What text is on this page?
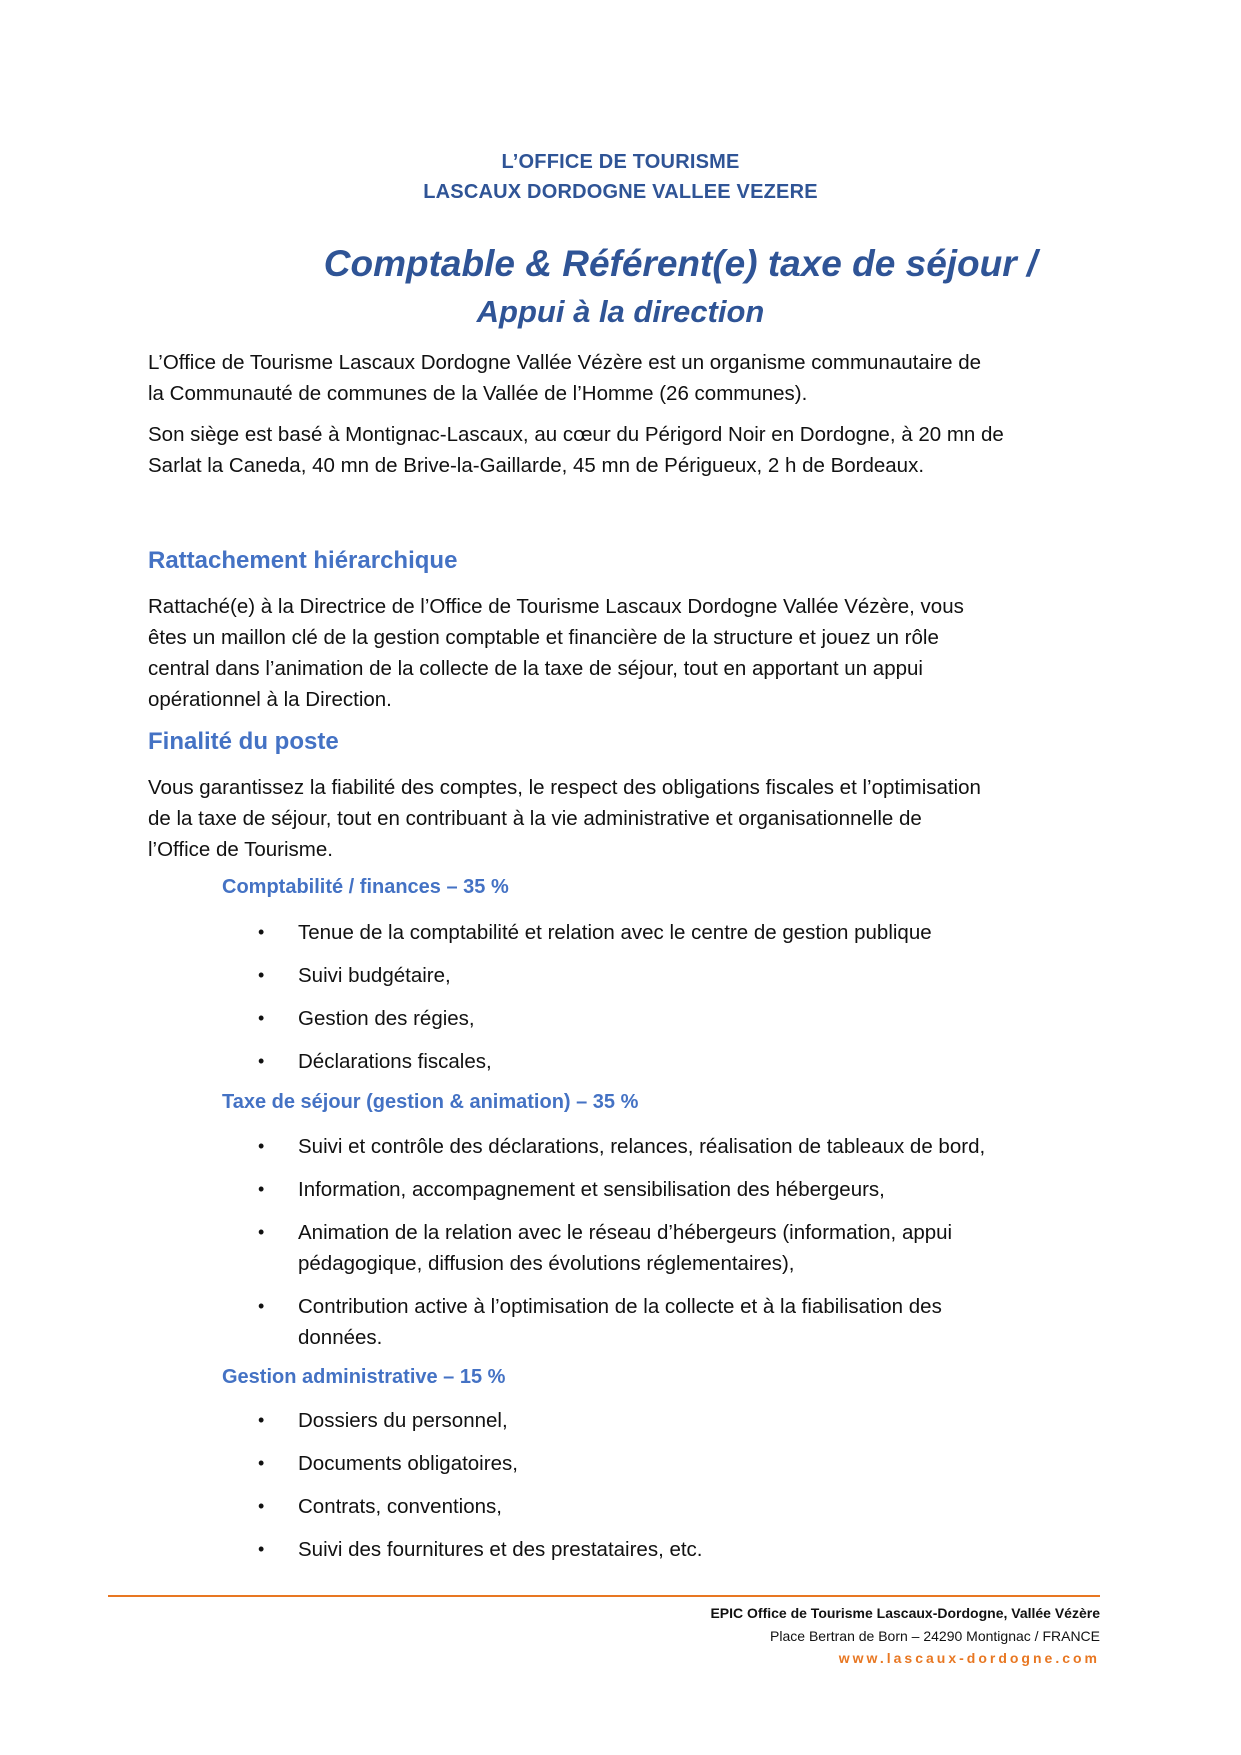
L’OFFICE DE TOURISME
LASCAUX DORDOGNE VALLEE VEZERE
Comptable & Référent(e) taxe de séjour /
Appui à la direction
L’Office de Tourisme Lascaux Dordogne Vallée Vézère est un organisme communautaire de
la Communauté de communes de la Vallée de l’Homme (26 communes).
Son siège est basé à Montignac-Lascaux, au cœur du Périgord Noir en Dordogne, à 20 mn de
Sarlat la Caneda, 40 mn de Brive-la-Gaillarde, 45 mn de Périgueux, 2 h de Bordeaux.
Rattachement hiérarchique
Rattaché(e) à la Directrice de l’Office de Tourisme Lascaux Dordogne Vallée Vézère, vous
êtes un maillon clé de la gestion comptable et financière de la structure et jouez un rôle
central dans l’animation de la collecte de la taxe de séjour, tout en apportant un appui
opérationnel à la Direction.
Finalité du poste
Vous garantissez la fiabilité des comptes, le respect des obligations fiscales et l’optimisation
de la taxe de séjour, tout en contribuant à la vie administrative et organisationnelle de
l’Office de Tourisme.
Comptabilité / finances – 35 %
• Tenue de la comptabilité et relation avec le centre de gestion publique
• Suivi budgétaire,
• Gestion des régies,
• Déclarations fiscales,
Taxe de séjour (gestion & animation) – 35 %
• Suivi et contrôle des déclarations, relances, réalisation de tableaux de bord,
• Information, accompagnement et sensibilisation des hébergeurs,
• Animation de la relation avec le réseau d’hébergeurs (information, appui
pédagogique, diffusion des évolutions réglementaires),
• Contribution active à l’optimisation de la collecte et à la fiabilisation des
données.
Gestion administrative – 15 %
• Dossiers du personnel,
• Documents obligatoires,
• Contrats, conventions,
• Suivi des fournitures et des prestataires, etc.
EPIC Office de Tourisme Lascaux-Dordogne, Vallée Vézère
Place Bertran de Born – 24290 Montignac / FRANCE
www.lascaux-dordogne.com
